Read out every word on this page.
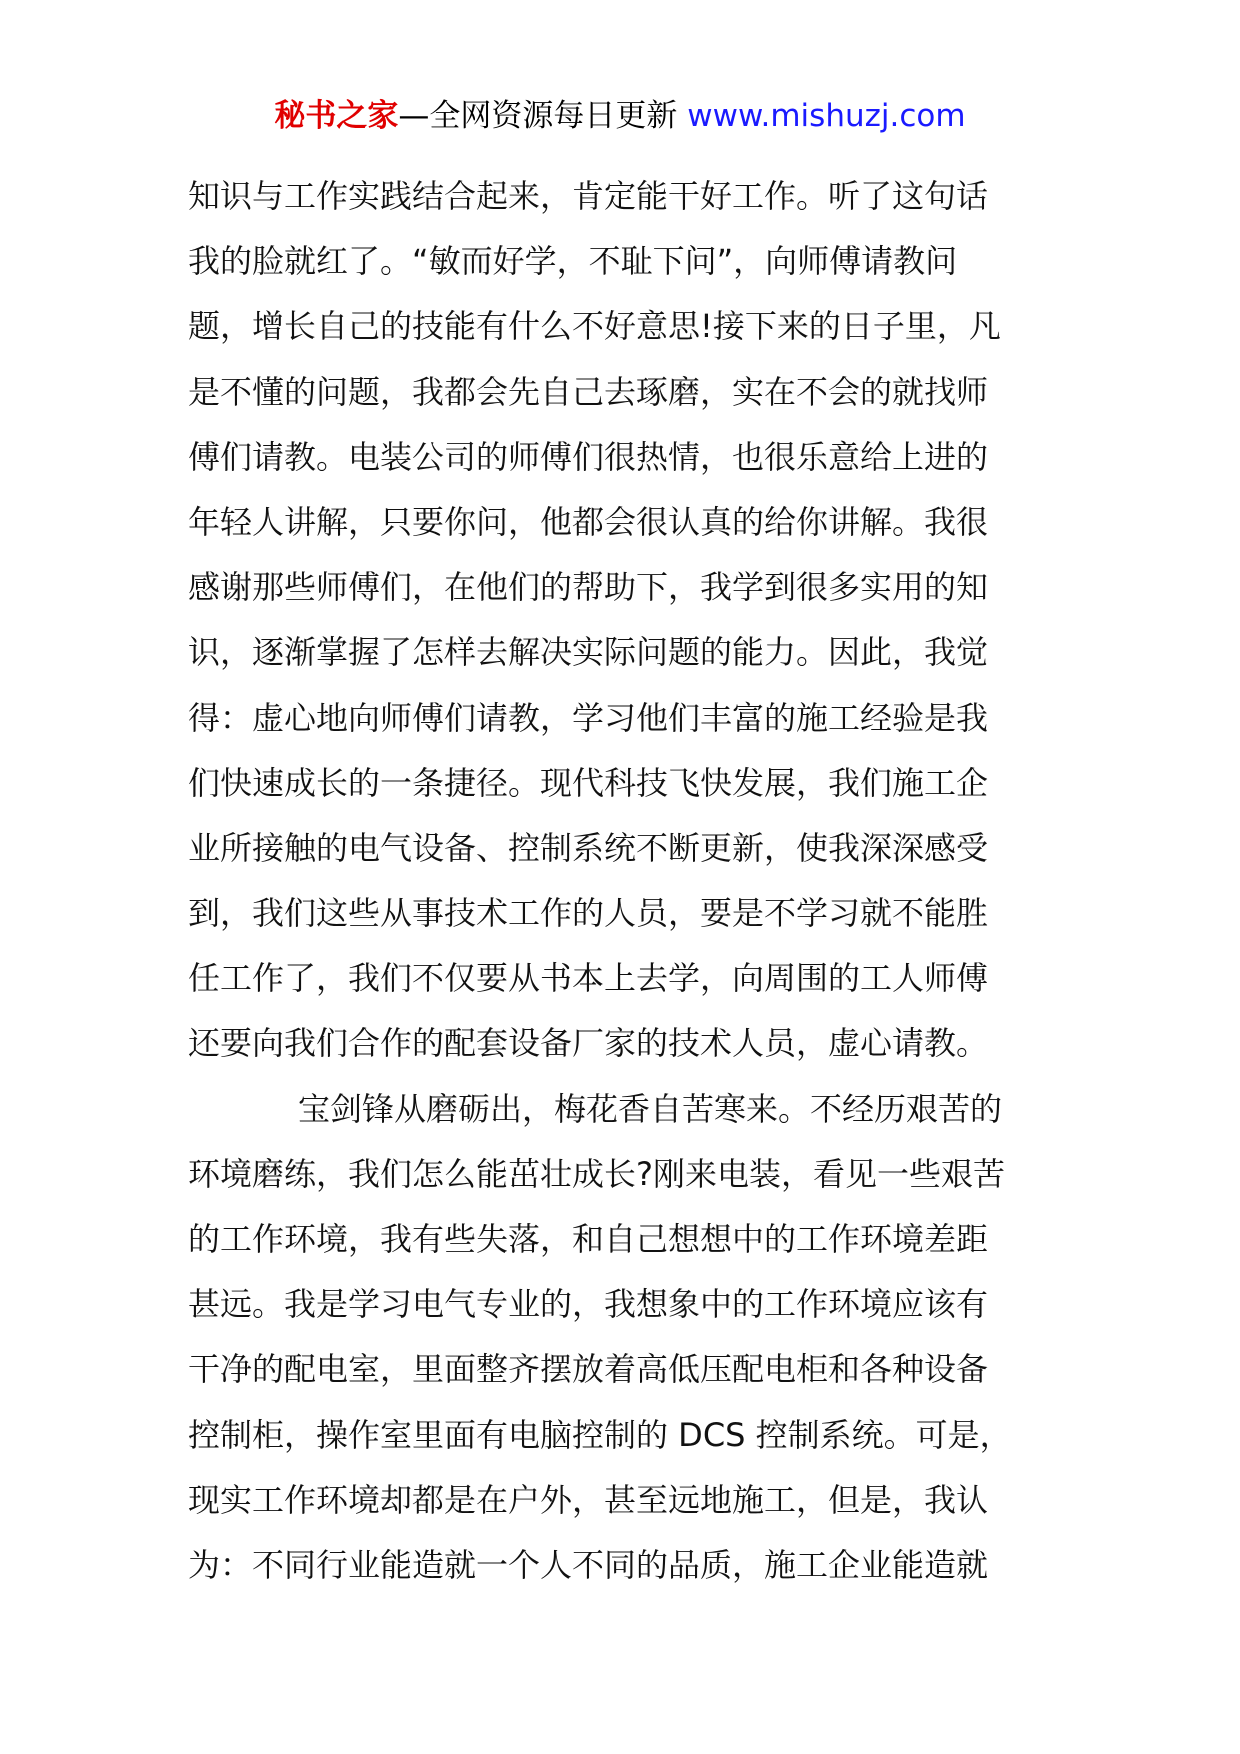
秘书之家—全网资源每日更新 www.mishuzj.com
知识与工作实践结合起来，肯定能干好工作。听了这句话
我的脸就红了。“敏而好学，不耻下问”，向师傅请教问
题，增长自己的技能有什么不好意思!接下来的日子里，凡
是不懂的问题，我都会先自己去琢磨，实在不会的就找师
傅们请教。电装公司的师傅们很热情，也很乐意给上进的
年轻人讲解，只要你问，他都会很认真的给你讲解。我很
感谢那些师傅们，在他们的帮助下，我学到很多实用的知
识，逐渐掌握了怎样去解决实际问题的能力。因此，我觉
得：虚心地向师傅们请教，学习他们丰富的施工经验是我
们快速成长的一条捷径。现代科技飞快发展，我们施工企
业所接触的电气设备、控制系统不断更新，使我深深感受
到，我们这些从事技术工作的人员，要是不学习就不能胜
任工作了，我们不仅要从书本上去学，向周围的工人师傅
还要向我们合作的配套设备厂家的技术人员，虚心请教。
宝剑锋从磨砺出，梅花香自苦寒来。不经历艰苦的
环境磨练，我们怎么能茁壮成长?刚来电装，看见一些艰苦
的工作环境，我有些失落，和自己想想中的工作环境差距
甚远。我是学习电气专业的，我想象中的工作环境应该有
干净的配电室，里面整齐摆放着高低压配电柜和各种设备
控制柜，操作室里面有电脑控制的 DCS 控制系统。可是，
现实工作环境却都是在户外，甚至远地施工，但是，我认
为：不同行业能造就一个人不同的品质，施工企业能造就
